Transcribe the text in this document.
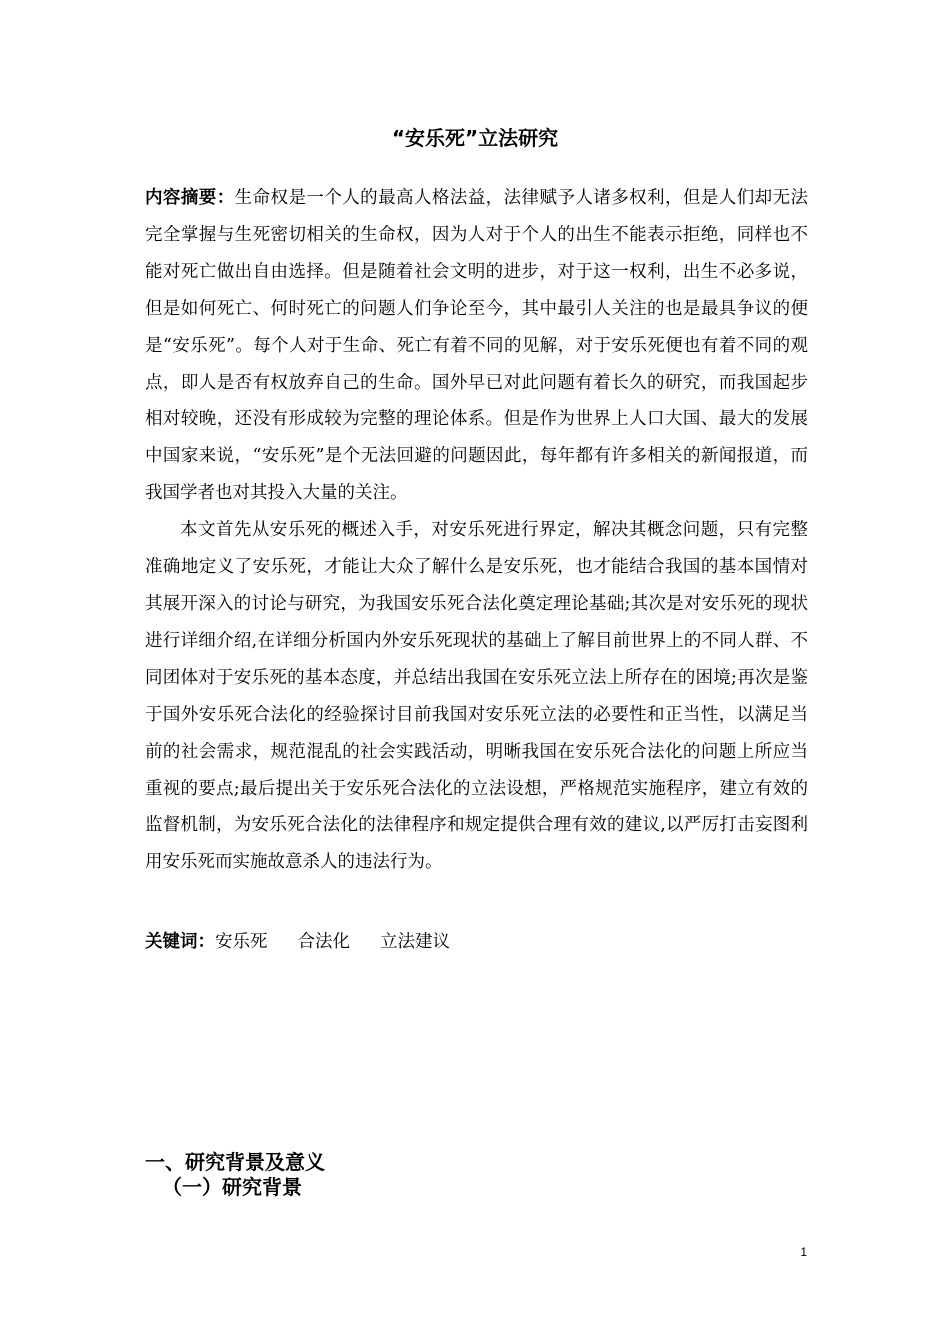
“安乐死”立法研究

内容摘要：生命权是一个人的最高人格法益，法律赋予人诸多权利，但是人们却无法完全掌握与生死密切相关的生命权，因为人对于个人的出生不能表示拒绝，同样也不能对死亡做出自由选择。但是随着社会文明的进步，对于这一权利，出生不必多说，但是如何死亡、何时死亡的问题人们争论至今，其中最引人关注的也是最具争议的便是“安乐死”。每个人对于生命、死亡有着不同的见解，对于安乐死便也有着不同的观点，即人是否有权放弃自己的生命。国外早已对此问题有着长久的研究，而我国起步相对较晚，还没有形成较为完整的理论体系。但是作为世界上人口大国、最大的发展中国家来说，“安乐死”是个无法回避的问题因此，每年都有许多相关的新闻报道，而我国学者也对其投入大量的关注。

本文首先从安乐死的概述入手，对安乐死进行界定，解决其概念问题，只有完整准确地定义了安乐死，才能让大众了解什么是安乐死，也才能结合我国的基本国情对其展开深入的讨论与研究，为我国安乐死合法化奠定理论基础;其次是对安乐死的现状进行详细介绍,在详细分析国内外安乐死现状的基础上了解目前世界上的不同人群、不同团体对于安乐死的基本态度，并总结出我国在安乐死立法上所存在的困境;再次是鉴于国外安乐死合法化的经验探讨目前我国对安乐死立法的必要性和正当性，以满足当前的社会需求，规范混乱的社会实践活动，明晰我国在安乐死合法化的问题上所应当重视的要点;最后提出关于安乐死合法化的立法设想，严格规范实施程序，建立有效的监督机制，为安乐死合法化的法律程序和规定提供合理有效的建议,以严厉打击妄图利用安乐死而实施故意杀人的违法行为。

关键词：安乐死 合法化 立法建议
一、研究背景及意义
（一）研究背景
1
